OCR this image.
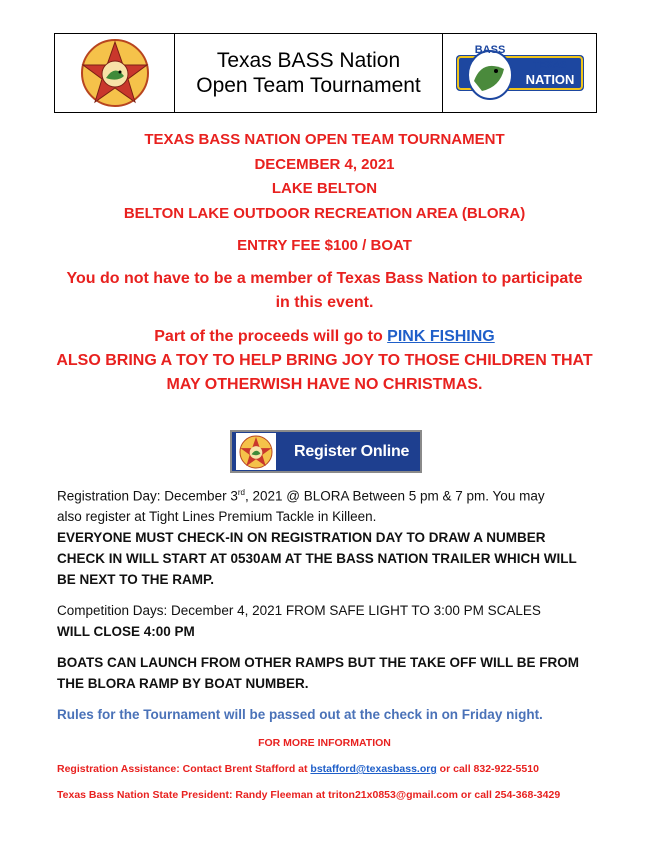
Texas BASS Nation
Open Team Tournament
BASS
TEXAS
NATION
TEXAS BASS NATION OPEN TEAM TOURNAMENT
DECEMBER 4, 2021
LAKE BELTON
BELTON LAKE OUTDOOR RECREATION AREA (BLORA)
ENTRY FEE $100 / BOAT
You do not have to be a member of Texas Bass Nation to participate
in this event.
Part of the proceeds will go to PINK FISHING
ALSO BRING A TOY TO HELP BRING JOY TO THOSE CHILDREN THAT
MAY OTHERWISH HAVE NO CHRISTMAS.
Register Online
Registration Day: December 3rd, 2021 @ BLORA Between 5 pm & 7 pm. You may
also register at Tight Lines Premium Tackle in Killeen.
EVERYONE MUST CHECK-IN ON REGISTRATION DAY TO DRAW A NUMBER
CHECK IN WILL START AT 0530AM AT THE BASS NATION TRAILER WHICH WILL
BE NEXT TO THE RAMP.
Competition Days: December 4, 2021 FROM SAFE LIGHT TO 3:00 PM SCALES
WILL CLOSE 4:00 PM
BOATS CAN LAUNCH FROM OTHER RAMPS BUT THE TAKE OFF WILL BE FROM
THE BLORA RAMP BY BOAT NUMBER.
Rules for the Tournament will be passed out at the check in on Friday night.
FOR MORE INFORMATION
Registration Assistance: Contact Brent Stafford at bstafford@texasbass.org or call 832-922-5510
Texas Bass Nation State President: Randy Fleeman at triton21x0853@gmail.com or call 254-368-3429
